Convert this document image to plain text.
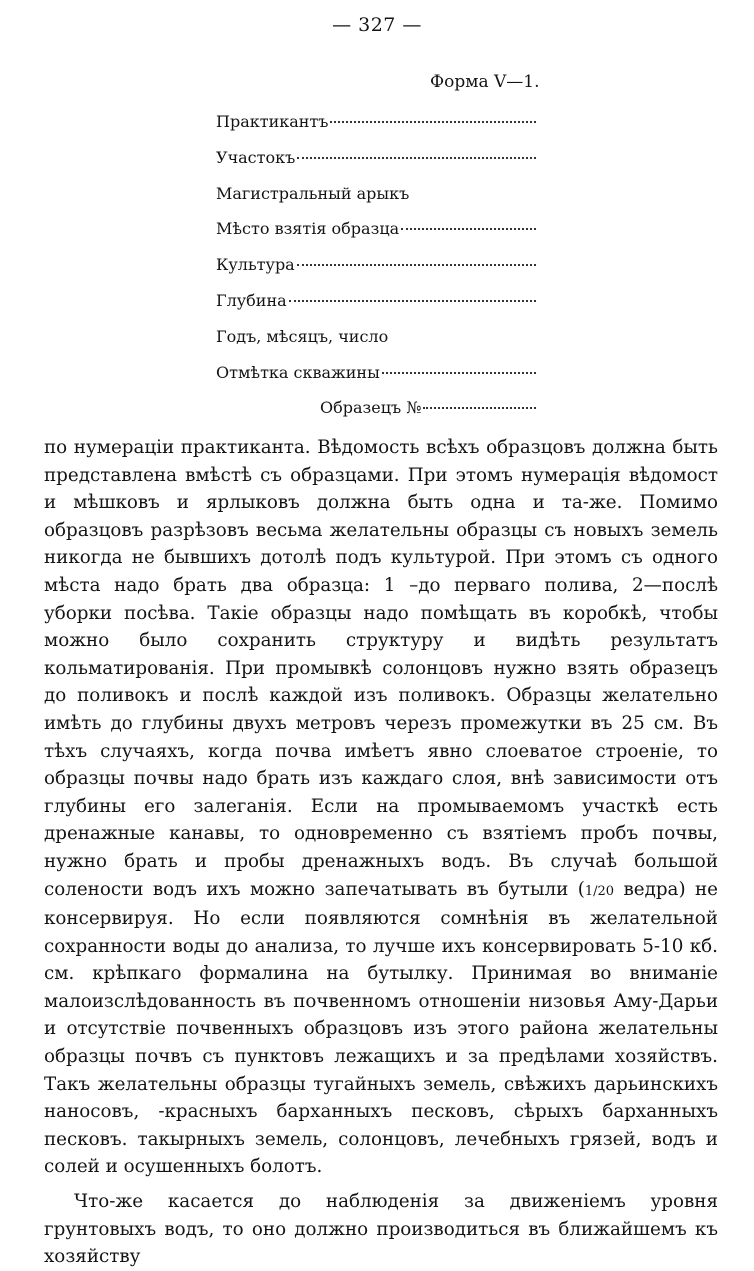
— 327 —
Форма V—1.
Практикантъ
Участокъ
Магистральный арыкъ
Мѣсто взятія образца
Культура
Глубина
Годъ, мѣсяцъ, число
Отмѣтка скважины
Образецъ №

по нумераціи практиканта. Вѣдомость всѣхъ образцовъ должна быть представлена вмѣстѣ съ образцами. При этомъ нумерація вѣдомост и мѣшковъ и ярлыковъ должна быть одна и та-же. Помимо образцовъ разрѣзовъ весьма желательны образцы съ новыхъ земель никогда не бывшихъ дотолѣ подъ культурой. При этомъ съ одного мѣста надо брать два образца: 1 –до перваго полива, 2—послѣ уборки посѣва. Такіе образцы надо помѣщать въ коробкѣ, чтобы можно было сохранить структуру и видѣть результатъ кольматированія. При промывкѣ солонцовъ нужно взять образецъ до поливокъ и послѣ каждой изъ поливокъ. Образцы желательно имѣть до глубины двухъ метровъ черезъ промежутки въ 25 см. Въ тѣхъ случаяхъ, когда почва имѣетъ явно слоеватое строеніе, то образцы почвы надо брать изъ каждаго слоя, внѣ зависимости отъ глубины его залеганія. Если на промываемомъ участкѣ есть дренажные канавы, то одновременно съ взятіемъ пробъ почвы, нужно брать и пробы дренажныхъ водъ. Въ случаѣ большой солености водъ ихъ можно запечатывать въ бутыли (1/20 ведра) не консервируя. Но если появляются сомнѣнія въ желательной сохранности воды до анализа, то лучше ихъ консервировать 5-10 кб. см. крѣпкаго формалина на бутылку. Принимая во вниманіе малоизслѣдованность въ почвенномъ отношеніи низовья Аму-Дарьи и отсутствіе почвенныхъ образцовъ изъ этого района желательны образцы почвъ съ пунктовъ лежащихъ и за предѣлами хозяйствъ. Такъ желательны образцы тугайныхъ земель, свѣжихъ дарьинскихъ наносовъ, -красныхъ барханныхъ песковъ, сѣрыхъ барханныхъ песковъ. такырныхъ земель, солонцовъ, лечебныхъ грязей, водъ и солей и осушенныхъ болотъ.

Что-же касается до наблюденія за движеніемъ уровня грунтовыхъ водъ, то оно должно производиться въ ближайшемъ къ хозяйству
